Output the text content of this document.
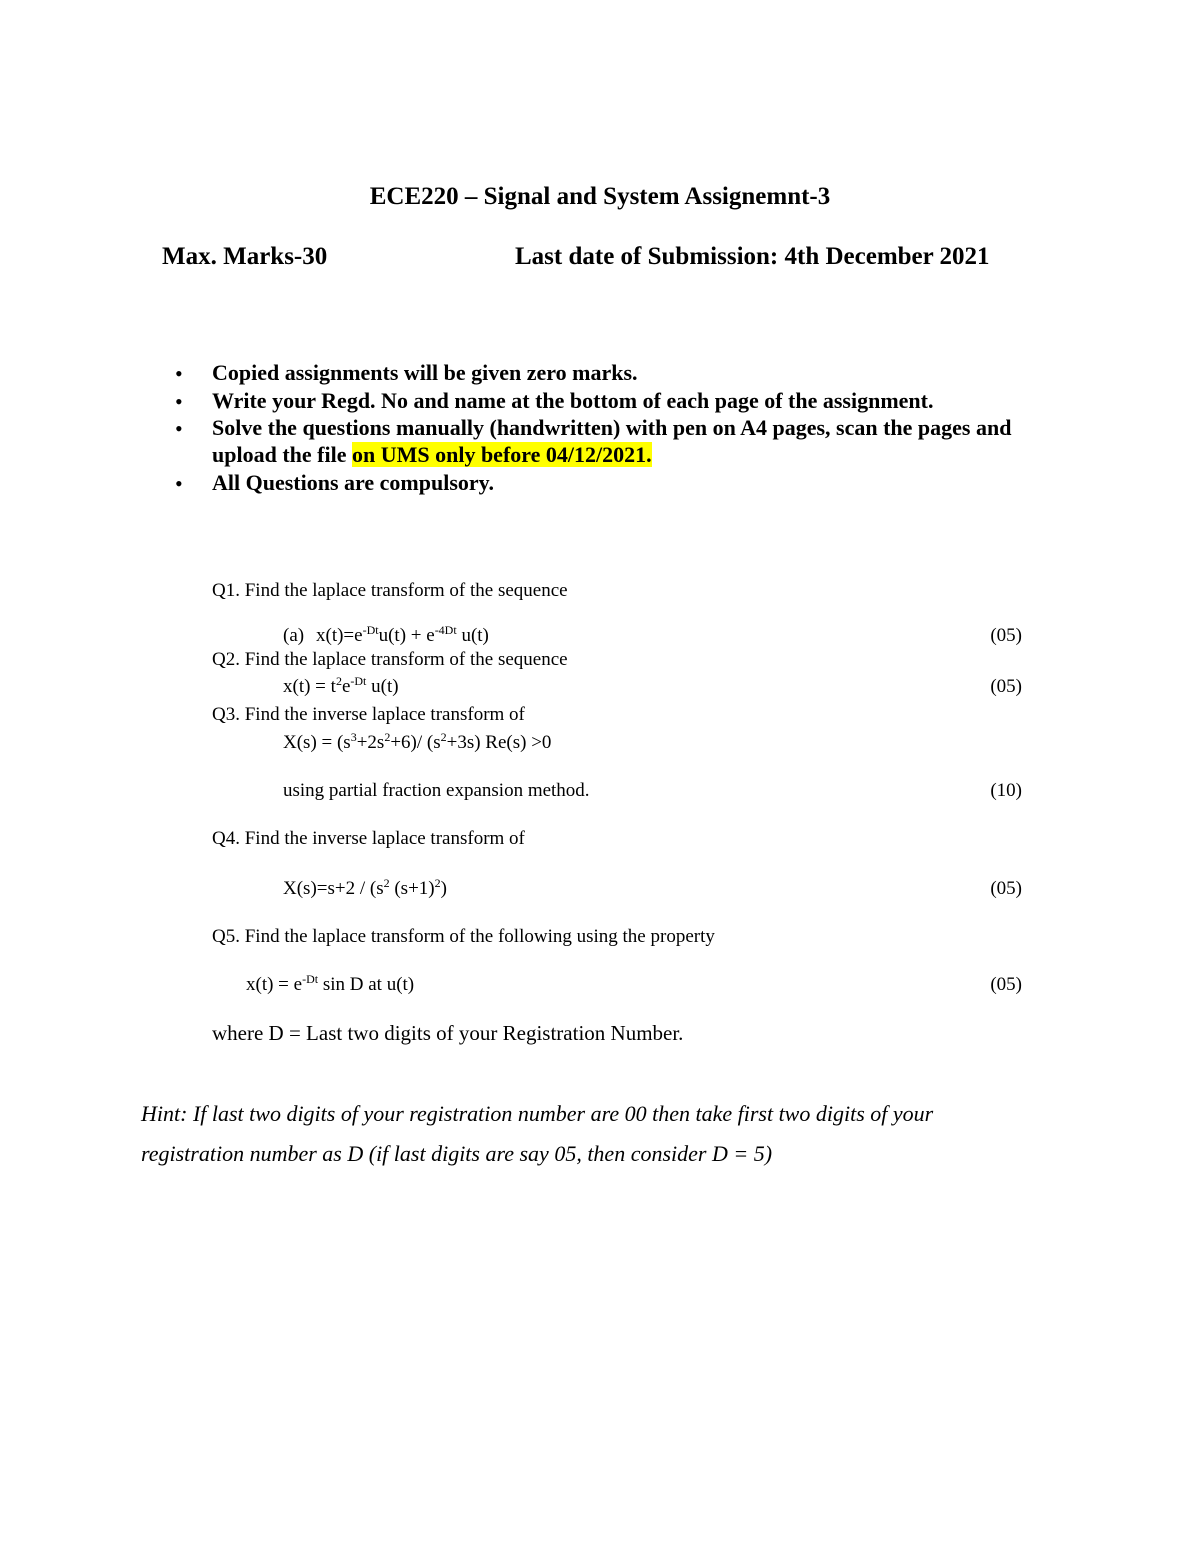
ECE220 – Signal and System Assignemnt-3
Max. Marks-30	Last date of Submission: 4th December 2021
• Copied assignments will be given zero marks.
• Write your Regd. No and name at the bottom of each page of the assignment.
• Solve the questions manually (handwritten) with pen on A4 pages, scan the pages and
upload the file on UMS only before 04/12/2021.
• All Questions are compulsory.
Q1. Find the laplace transform of the sequence
(a) $x(t)=e^{-Dt}u(t) + e^{-4Dt}$ u(t)	(05)
Q2. Find the laplace transform of the sequence
$x(t) = t^2e^{-Dt}$ u(t)	(05)
Q3. Find the inverse laplace transform of
$X(s) = (s^3+2s^2+6)/$ $(s^2+3s)$ Re(s) >0
using partial fraction expansion method.	(10)
Q4. Find the inverse laplace transform of
$X(s)=s+2 / (s^2$ $(s+1)^2$)	(05)
Q5. Find the laplace transform of the following using the property
$x(t) = e^{-Dt}$ sin D at u(t)	(05)
where D = Last two digits of your Registration Number.
Hint: If last two digits of your registration number are 00 then take first two digits of your
registration number as D (if last digits are say 05, then consider D = 5)
